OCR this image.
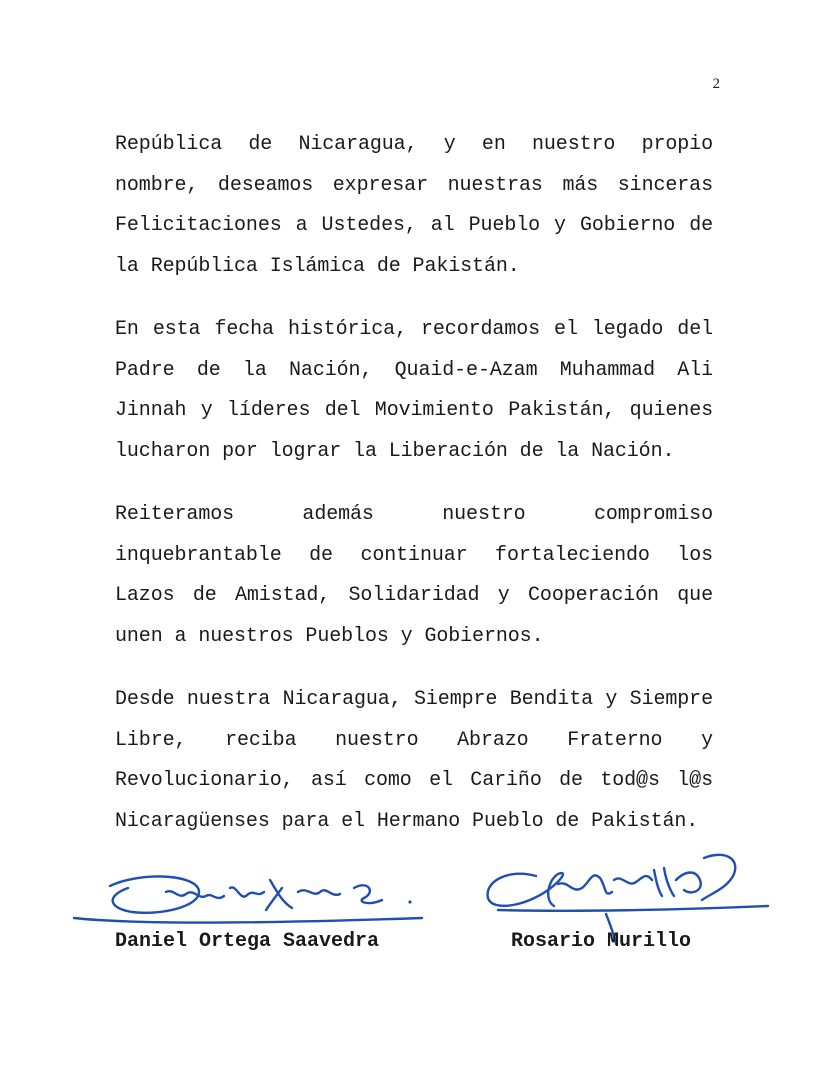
2

República de Nicaragua, y en nuestro propio nombre, deseamos expresar nuestras más sinceras Felicitaciones a Ustedes, al Pueblo y Gobierno de la República Islámica de Pakistán.

En esta fecha histórica, recordamos el legado del Padre de la Nación, Quaid-e-Azam Muhammad Ali Jinnah y líderes del Movimiento Pakistán, quienes lucharon por lograr la Liberación de la Nación.

Reiteramos además nuestro compromiso inquebrantable de continuar fortaleciendo los Lazos de Amistad, Solidaridad y Cooperación que unen a nuestros Pueblos y Gobiernos.

Desde nuestra Nicaragua, Siempre Bendita y Siempre Libre, reciba nuestro Abrazo Fraterno y Revolucionario, así como el Cariño de tod@s l@s Nicaragüenses para el Hermano Pueblo de Pakistán.

Daniel Ortega Saavedra	Rosario Murillo
